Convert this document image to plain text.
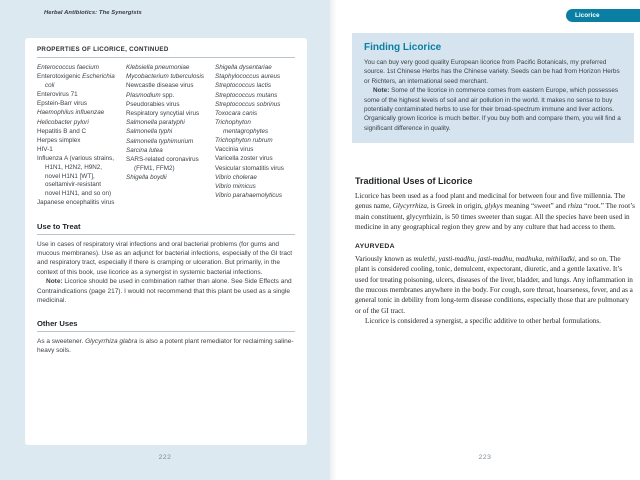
Herbal Antibiotics: The Synergists
PROPERTIES OF LICORICE, CONTINUED
Enterococcus faecium
Enterotoxigenic Escherichia coli
Enterovirus 71
Epstein-Barr virus
Haemophilus influenzae
Helicobacter pylori
Hepatitis B and C
Herpes simplex
HIV-1
Influenza A (various strains, H1N1, H2N2, H9N2, novel H1N1 [WT], oseltamivir-resistant novel H1N1, and so on)
Japanese encephalitis virus
Klebsiella pneumoniae
Mycobacterium tuberculosis
Newcastle disease virus
Plasmodium spp.
Pseudorabies virus
Respiratory syncytial virus
Salmonella paratyphi
Salmonella typhi
Salmonella typhimurium
Sarcina lutea
SARS-related coronavirus (FFM1, FFM2)
Shigella boydii
Shigella dysentariae
Staphylococcus aureus
Streptococcus lactis
Streptococcus mutans
Streptococcus sobrinus
Toxocara canis
Trichophyton mentagrophytes
Trichophyton rubrum
Vaccinia virus
Varicella zoster virus
Vesicular stomatitis virus
Vibrio cholerae
Vibrio mimicus
Vibrio parahaemolyticus
Use to Treat

Use in cases of respiratory viral infections and oral bacterial problems (for gums and mucous membranes). Use as an adjunct for bacterial infections, especially of the GI tract and respiratory tract, especially if there is cramping or ulceration. But primarily, in the context of this book, use licorice as a synergist in systemic bacterial infections.

Note: Licorice should be used in combination rather than alone. See Side Effects and Contraindications (page 217). I would not recommend that this plant be used as a single medicinal.

Other Uses

As a sweetener. Glycyrrhiza glabra is also a potent plant remediator for reclaiming saline-heavy soils.

222
Licorice
Finding Licorice

You can buy very good quality European licorice from Pacific Botanicals, my preferred source. 1st Chinese Herbs has the Chinese variety. Seeds can be had from Horizon Herbs or Richters, an international seed merchant.

Note: Some of the licorice in commerce comes from eastern Europe, which possesses some of the highest levels of soil and air pollution in the world. It makes no sense to buy potentially contaminated herbs to use for their broad-spectrum immune and liver actions. Organically grown licorice is much better. If you buy both and compare them, you will find a significant difference in quality.

Traditional Uses of Licorice

Licorice has been used as a food plant and medicinal for between four and five millennia. The genus name, Glycyrrhiza, is Greek in origin, glykys meaning “sweet” and rhiza “root.” The root’s main constituent, glycyrrhizin, is 50 times sweeter than sugar. All the species have been used in medicine in any geographical region they grew and by any culture that had access to them.

AYURVEDA

Variously known as mulethi, yasti-madhu, jasti-madhu, madhuka, mithiladki, and so on. The plant is considered cooling, tonic, demulcent, expectorant, diuretic, and a gentle laxative. It’s used for treating poisoning, ulcers, diseases of the liver, bladder, and lungs. Any inflammation in the mucous membranes anywhere in the body. For cough, sore throat, hoarseness, fever, and as a general tonic in debility from long-term disease conditions, especially those that are pulmonary or of the GI tract.

Licorice is considered a synergist, a specific additive to other herbal formulations.

223
